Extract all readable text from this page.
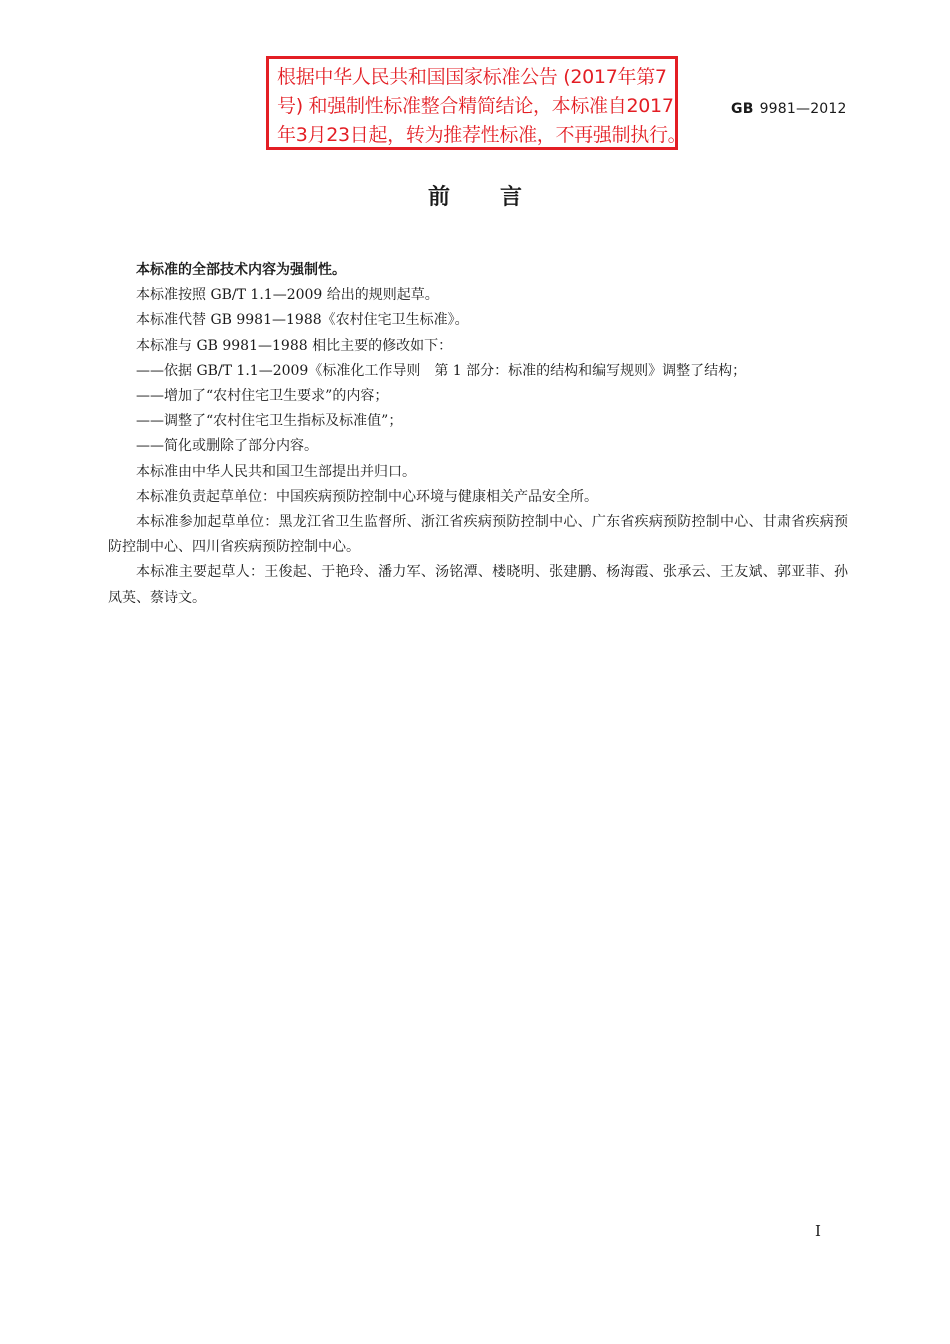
根据中华人民共和国国家标准公告 (2017年第7
号) 和强制性标准整合精简结论，本标准自2017
年3月23日起，转为推荐性标准，不再强制执行。
GB 9981—2012
前 言

本标准的全部技术内容为强制性。

本标准按照 GB/T 1.1—2009 给出的规则起草。

本标准代替 GB 9981—1988《农村住宅卫生标准》。

本标准与 GB 9981—1988 相比主要的修改如下：

——依据 GB/T 1.1—2009《标准化工作导则　第 1 部分：标准的结构和编写规则》调整了结构；

——增加了“农村住宅卫生要求”的内容；

——调整了“农村住宅卫生指标及标准值”；

——简化或删除了部分内容。

本标准由中华人民共和国卫生部提出并归口。

本标准负责起草单位：中国疾病预防控制中心环境与健康相关产品安全所。

本标准参加起草单位：黑龙江省卫生监督所、浙江省疾病预防控制中心、广东省疾病预防控制中心、甘肃省疾病预防控制中心、四川省疾病预防控制中心。

本标准主要起草人：王俊起、于艳玲、潘力军、汤铭潭、楼晓明、张建鹏、杨海霞、张承云、王友斌、郭亚菲、孙凤英、蔡诗文。

I
